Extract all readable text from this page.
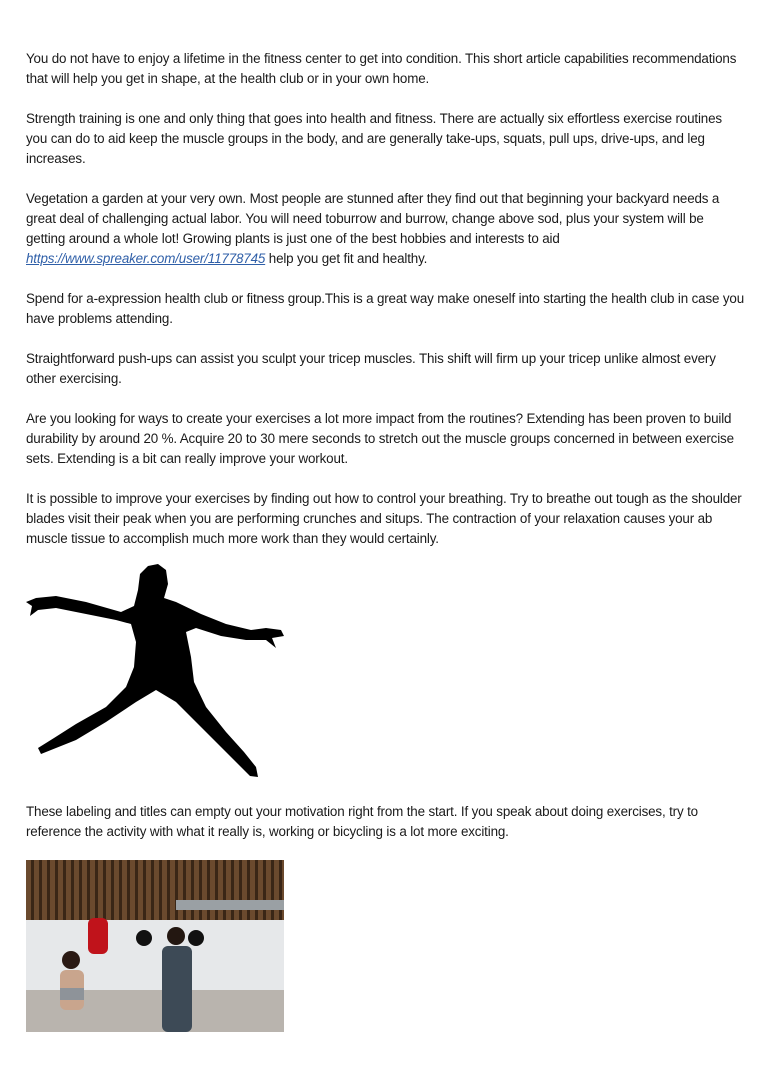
You do not have to enjoy a lifetime in the fitness center to get into condition. This short article capabilities recommendations that will help you get in shape, at the health club or in your own home.

Strength training is one and only thing that goes into health and fitness. There are actually six effortless exercise routines you can do to aid keep the muscle groups in the body, and are generally take-ups, squats, pull ups, drive-ups, and leg increases.

Vegetation a garden at your very own. Most people are stunned after they find out that beginning your backyard needs a great deal of challenging actual labor. You will need toburrow and burrow, change above sod, plus your system will be getting around a whole lot! Growing plants is just one of the best hobbies and interests to aid https://www.spreaker.com/user/11778745 help you get fit and healthy.

Spend for a-expression health club or fitness group.This is a great way make oneself into starting the health club in case you have problems attending.

Straightforward push-ups can assist you sculpt your tricep muscles. This shift will firm up your tricep unlike almost every other exercising.

Are you looking for ways to create your exercises a lot more impact from the routines? Extending has been proven to build durability by around 20 %. Acquire 20 to 30 mere seconds to stretch out the muscle groups concerned in between exercise sets. Extending is a bit can really improve your workout.

It is possible to improve your exercises by finding out how to control your breathing. Try to breathe out tough as the shoulder blades visit their peak when you are performing crunches and situps. The contraction of your relaxation causes your ab muscle tissue to accomplish much more work than they would certainly.

These labeling and titles can empty out your motivation right from the start. If you speak about doing exercises, try to reference the activity with what it really is, working or bicycling is a lot more exciting.
